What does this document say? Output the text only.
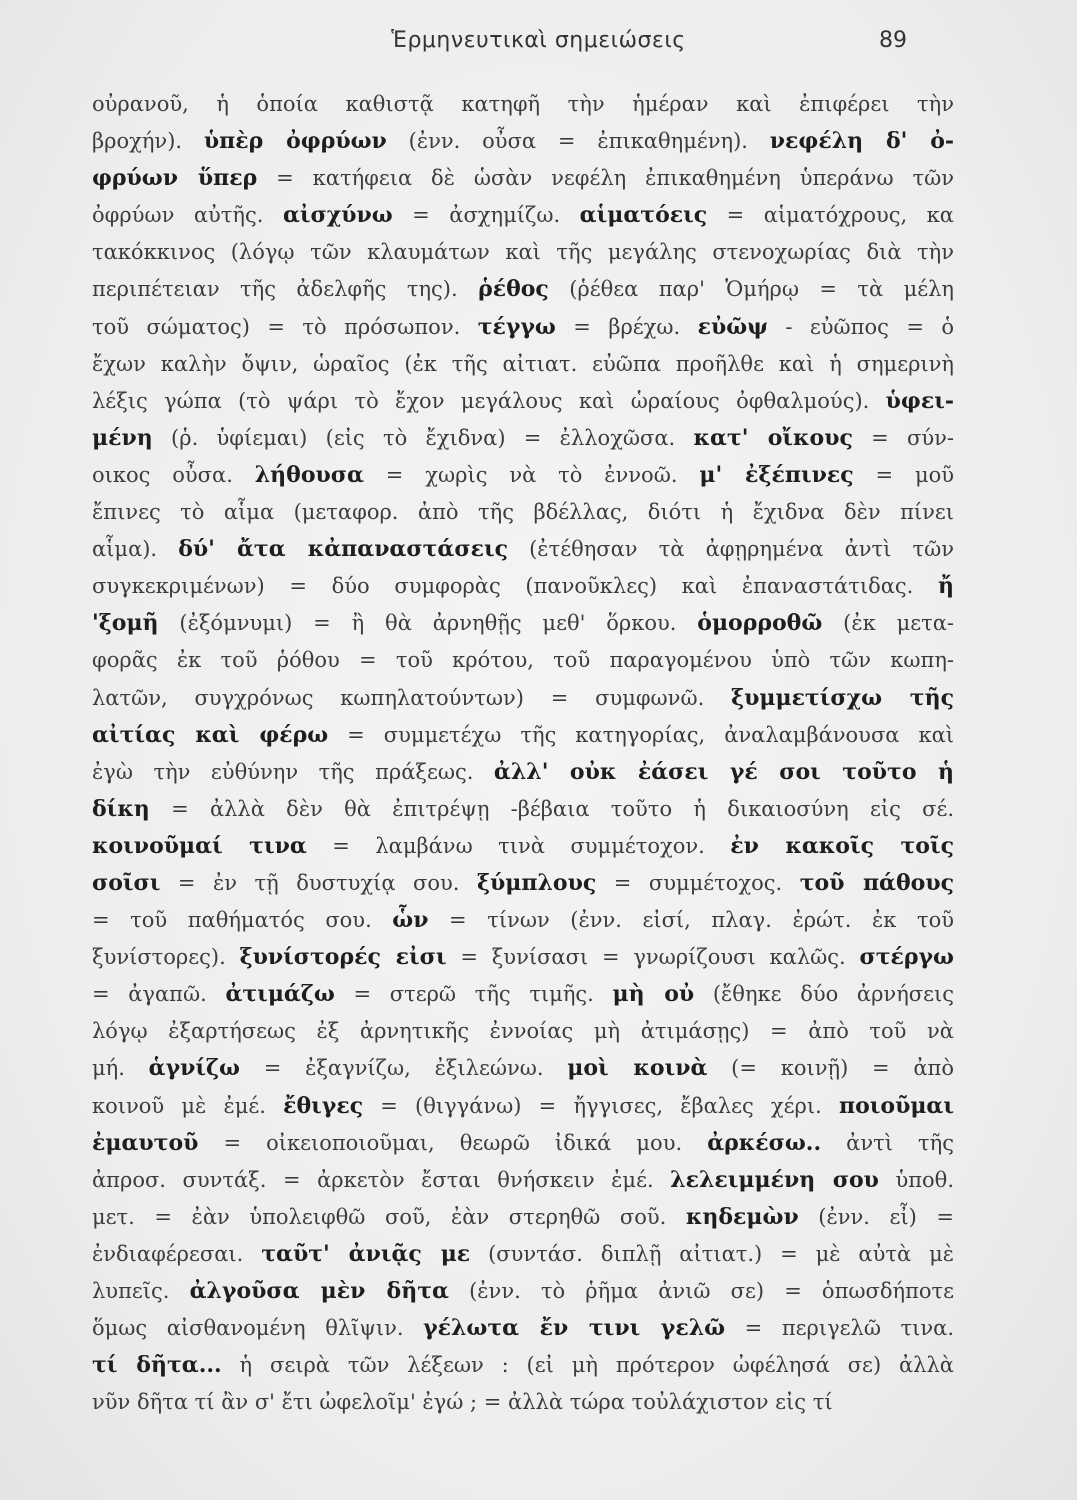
Ἑρμηνευτικαὶ σημειώσεις	89
οὐρανοῦ, ἡ ὁποία καθιστᾷ κατηφῆ τὴν ἡμέραν καὶ ἐπιφέρει τὴν
βροχήν). ὑπὲρ ὀφρύων (ἐνν. οὖσα = ἐπικαθημένη). νεφέλη δ' ὀ-
φρύων ὕπερ = κατήφεια δὲ ὡσὰν νεφέλη ἐπικαθημένη ὑπεράνω τῶν
ὀφρύων αὐτῆς. αἰσχύνω = ἀσχημίζω. αἱματόεις = αἱματόχρους, κα
τακόκκινος (λόγῳ τῶν κλαυμάτων καὶ τῆς μεγάλης στενοχωρίας διὰ τὴν
περιπέτειαν τῆς ἀδελφῆς της). ῥέθος (ῥέθεα παρ' Ὁμήρῳ = τὰ μέλη
τοῦ σώματος) = τὸ πρόσωπον. τέγγω = βρέχω. εὐῶψ - εὐῶπος = ὁ
ἔχων καλὴν ὄψιν, ὡραῖος (ἐκ τῆς αἰτιατ. εὐῶπα προῆλθε καὶ ἡ σημερινὴ
λέξις γώπα (τὸ ψάρι τὸ ἔχον μεγάλους καὶ ὡραίους ὀφθαλμούς). ὑφει-
μένη (ῥ. ὑφίεμαι) (εἰς τὸ ἔχιδνα) = ἐλλοχῶσα. κατ' οἴκους = σύν-
οικος οὖσα. λήθουσα = χωρὶς νὰ τὸ ἐννοῶ. μ' ἐξέπινες = μοῦ
ἔπινες τὸ αἷμα (μεταφορ. ἀπὸ τῆς βδέλλας, διότι ἡ ἔχιδνα δὲν πίνει
αἷμα). δύ' ἄτα κἀπαναστάσεις (ἐτέθησαν τὰ ἀφῃρημένα ἀντὶ τῶν
συγκεκριμένων) = δύο συμφορὰς (πανοῦκλες) καὶ ἐπαναστάτιδας. ἤ
'ξομῆ (ἐξόμνυμι) = ἢ θὰ ἀρνηθῇς μεθ' ὅρκου. ὁμορροθῶ (ἐκ μετα-
φορᾶς ἐκ τοῦ ῥόθου = τοῦ κρότου, τοῦ παραγομένου ὑπὸ τῶν κωπη-
λατῶν, συγχρόνως κωπηλατούντων) = συμφωνῶ. ξυμμετίσχω τῆς
αἰτίας καὶ φέρω = συμμετέχω τῆς κατηγορίας, ἀναλαμβάνουσα καὶ
ἐγὼ τὴν εὐθύνην τῆς πράξεως. ἀλλ' οὐκ ἐάσει γέ σοι τοῦτο ἡ
δίκη = ἀλλὰ δὲν θὰ ἐπιτρέψῃ -βέβαια τοῦτο ἡ δικαιοσύνη εἰς σέ.
κοινοῦμαί τινα = λαμβάνω τινὰ συμμέτοχον. ἐν κακοῖς τοῖς
σοῖσι = ἐν τῇ δυστυχίᾳ σου. ξύμπλους = συμμέτοχος. τοῦ πάθους
= τοῦ παθήματός σου. ὧν = τίνων (ἐνν. εἰσί, πλαγ. ἐρώτ. ἐκ τοῦ
ξυνίστορες). ξυνίστορές εἰσι = ξυνίσασι = γνωρίζουσι καλῶς. στέργω
= ἀγαπῶ. ἀτιμάζω = στερῶ τῆς τιμῆς. μὴ οὐ (ἔθηκε δύο ἀρνήσεις
λόγῳ ἐξαρτήσεως ἐξ ἀρνητικῆς ἐννοίας μὴ ἀτιμάσῃς) = ἀπὸ τοῦ νὰ
μή. ἁγνίζω = ἐξαγνίζω, ἐξιλεώνω. μοὶ κοινὰ (= κοινῇ) = ἀπὸ
κοινοῦ μὲ ἐμέ. ἔθιγες = (θιγγάνω) = ἤγγισες, ἔβαλες χέρι. ποιοῦμαι
ἐμαυτοῦ = οἰκειοποιοῦμαι, θεωρῶ ἰδικά μου. ἀρκέσω.. ἀντὶ τῆς
ἀπροσ. συντάξ. = ἀρκετὸν ἔσται θνήσκειν ἐμέ. λελειμμένη σου ὑποθ.
μετ. = ἐὰν ὑπολειφθῶ σοῦ, ἐὰν στερηθῶ σοῦ. κηδεμὼν (ἐνν. εἶ) =
ἐνδιαφέρεσαι. ταῦτ' ἀνιᾷς με (συντάσ. διπλῇ αἰτιατ.) = μὲ αὐτὰ μὲ
λυπεῖς. ἀλγοῦσα μὲν δῆτα (ἐνν. τὸ ῥῆμα ἀνιῶ σε) = ὁπωσδήποτε
ὅμως αἰσθανομένη θλῖψιν. γέλωτα ἔν τινι γελῶ = περιγελῶ τινα.
τί δῆτα... ἡ σειρὰ τῶν λέξεων : (εἰ μὴ πρότερον ὠφέλησά σε) ἀλλὰ
νῦν δῆτα τί ἂν σ' ἔτι ὠφελοῖμ' ἐγώ ; = ἀλλὰ τώρα τοὐλάχιστον εἰς τί
